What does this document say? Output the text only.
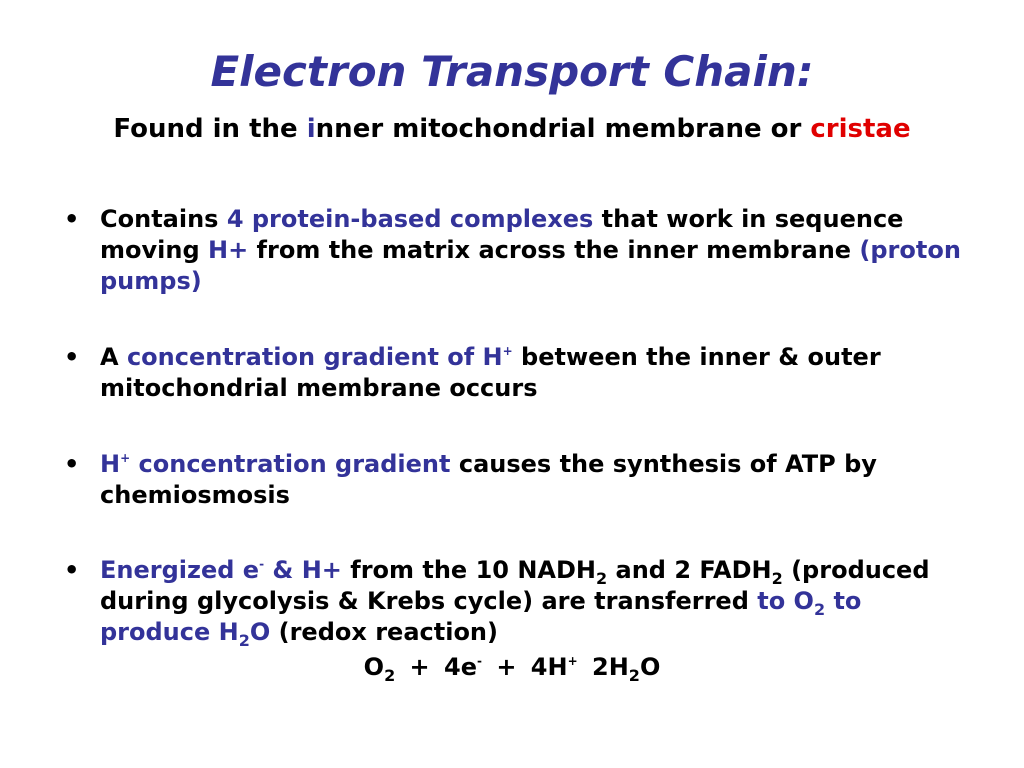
Electron Transport Chain:
Found in the inner mitochondrial membrane or cristae
• Contains 4 protein-based complexes that work in sequence moving H+ from the matrix across the inner membrane (proton pumps)
• A concentration gradient of H+ between the inner & outer mitochondrial membrane occurs
• H+ concentration gradient causes the synthesis of ATP by chemiosmosis
• Energized e- & H+ from the 10 $NADH_2$ and 2 $FADH_2$ (produced during glycolysis & Krebs cycle) are transferred to $O_2$ to produce $H_2O$ (redox reaction)
$O_2 + 4e^- + 4H^+$ $2H_2O$
